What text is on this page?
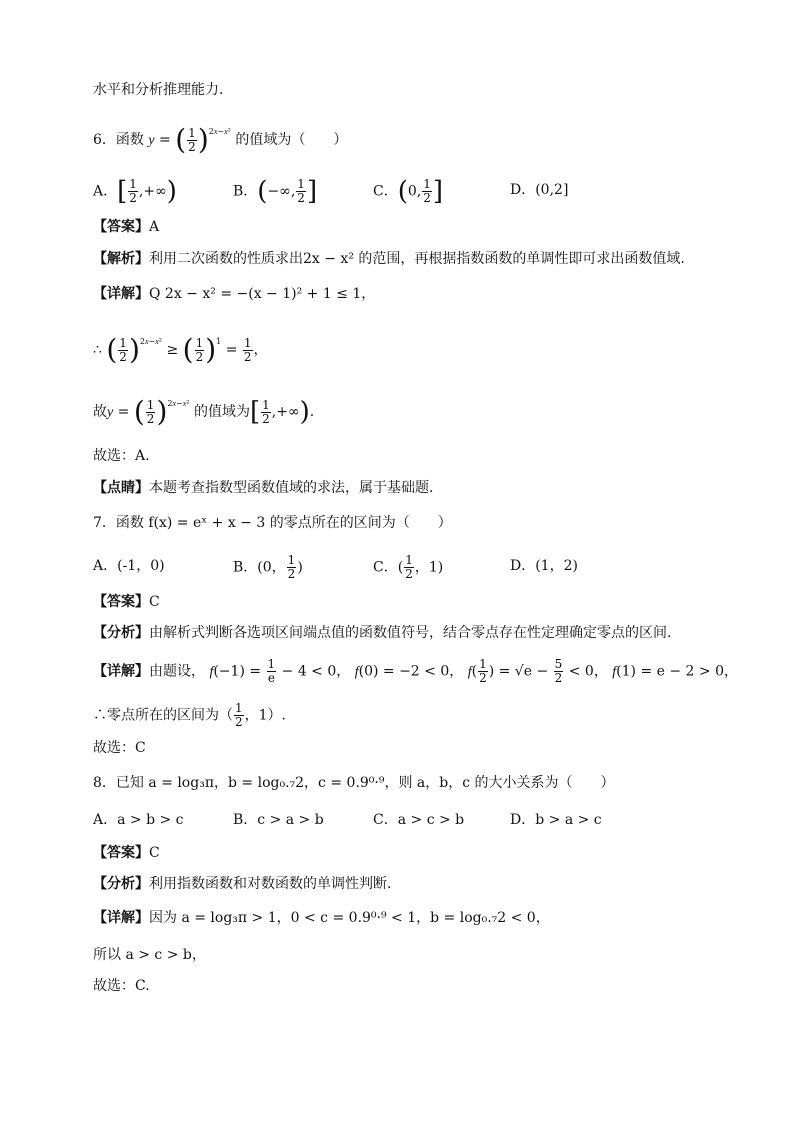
水平和分析推理能力.
6．函数 y = ( $\frac{1}{2} )^{2x-x^2}$ 的值域为（　　）
A．[ $\frac{1}{2}$ ,+∞)	B．(−∞, $\frac{1}{2}$ ]	C．(0, $\frac{1}{2}$ ]	D．(0,2]
【答案】A
【解析】利用二次函数的性质求出2x − x² 的范围，再根据指数函数的单调性即可求出函数值域.
【详解】Q 2x − x² = −(x − 1)² + 1 ≤ 1，
∴ ( $\frac{1}{2} )^{2x-x^2}$ ≥ ( $\frac{1}{2} )^1 = \frac{1}{2}$ ，
故y = ( $\frac{1}{2} )^{2x-x^2}$ 的值域为[ $\frac{1}{2}$ ,+∞).
故选：A.
【点睛】本题考查指数型函数值域的求法，属于基础题.
7．函数 f(x) = eˣ + x − 3 的零点所在的区间为（　　）
A．(-1，0)	B．(0， $\frac{1}{2}$ )	C．( $\frac{1}{2}$ ，1)	D．(1，2)
【答案】C
【分析】由解析式判断各选项区间端点值的函数值符号，结合零点存在性定理确定零点的区间.
【详解】由题设， $f(-1) = \frac{1}{e} - 4 < 0$， f(0) = −2 < 0， $f( \frac{1}{2}$ ) = $√e - \frac{5}{2} < 0$， f(1) = e − 2 > 0，
∴零点所在的区间为（ $\frac{1}{2}$ ，1）.
故选：C
8．已知 a = log₃π，b = log₀.₇2，c = 0.9⁰·⁹，则 a，b，c 的大小关系为（　　）
A．a > b > c	B．c > a > b	C．a > c > b	D．b > a > c
【答案】C
【分析】利用指数函数和对数函数的单调性判断.
【详解】因为 a = log₃π > 1，0 < c = 0.9⁰·⁹ < 1，b = log₀.₇2 < 0，
所以 a > c > b，
故选：C.
